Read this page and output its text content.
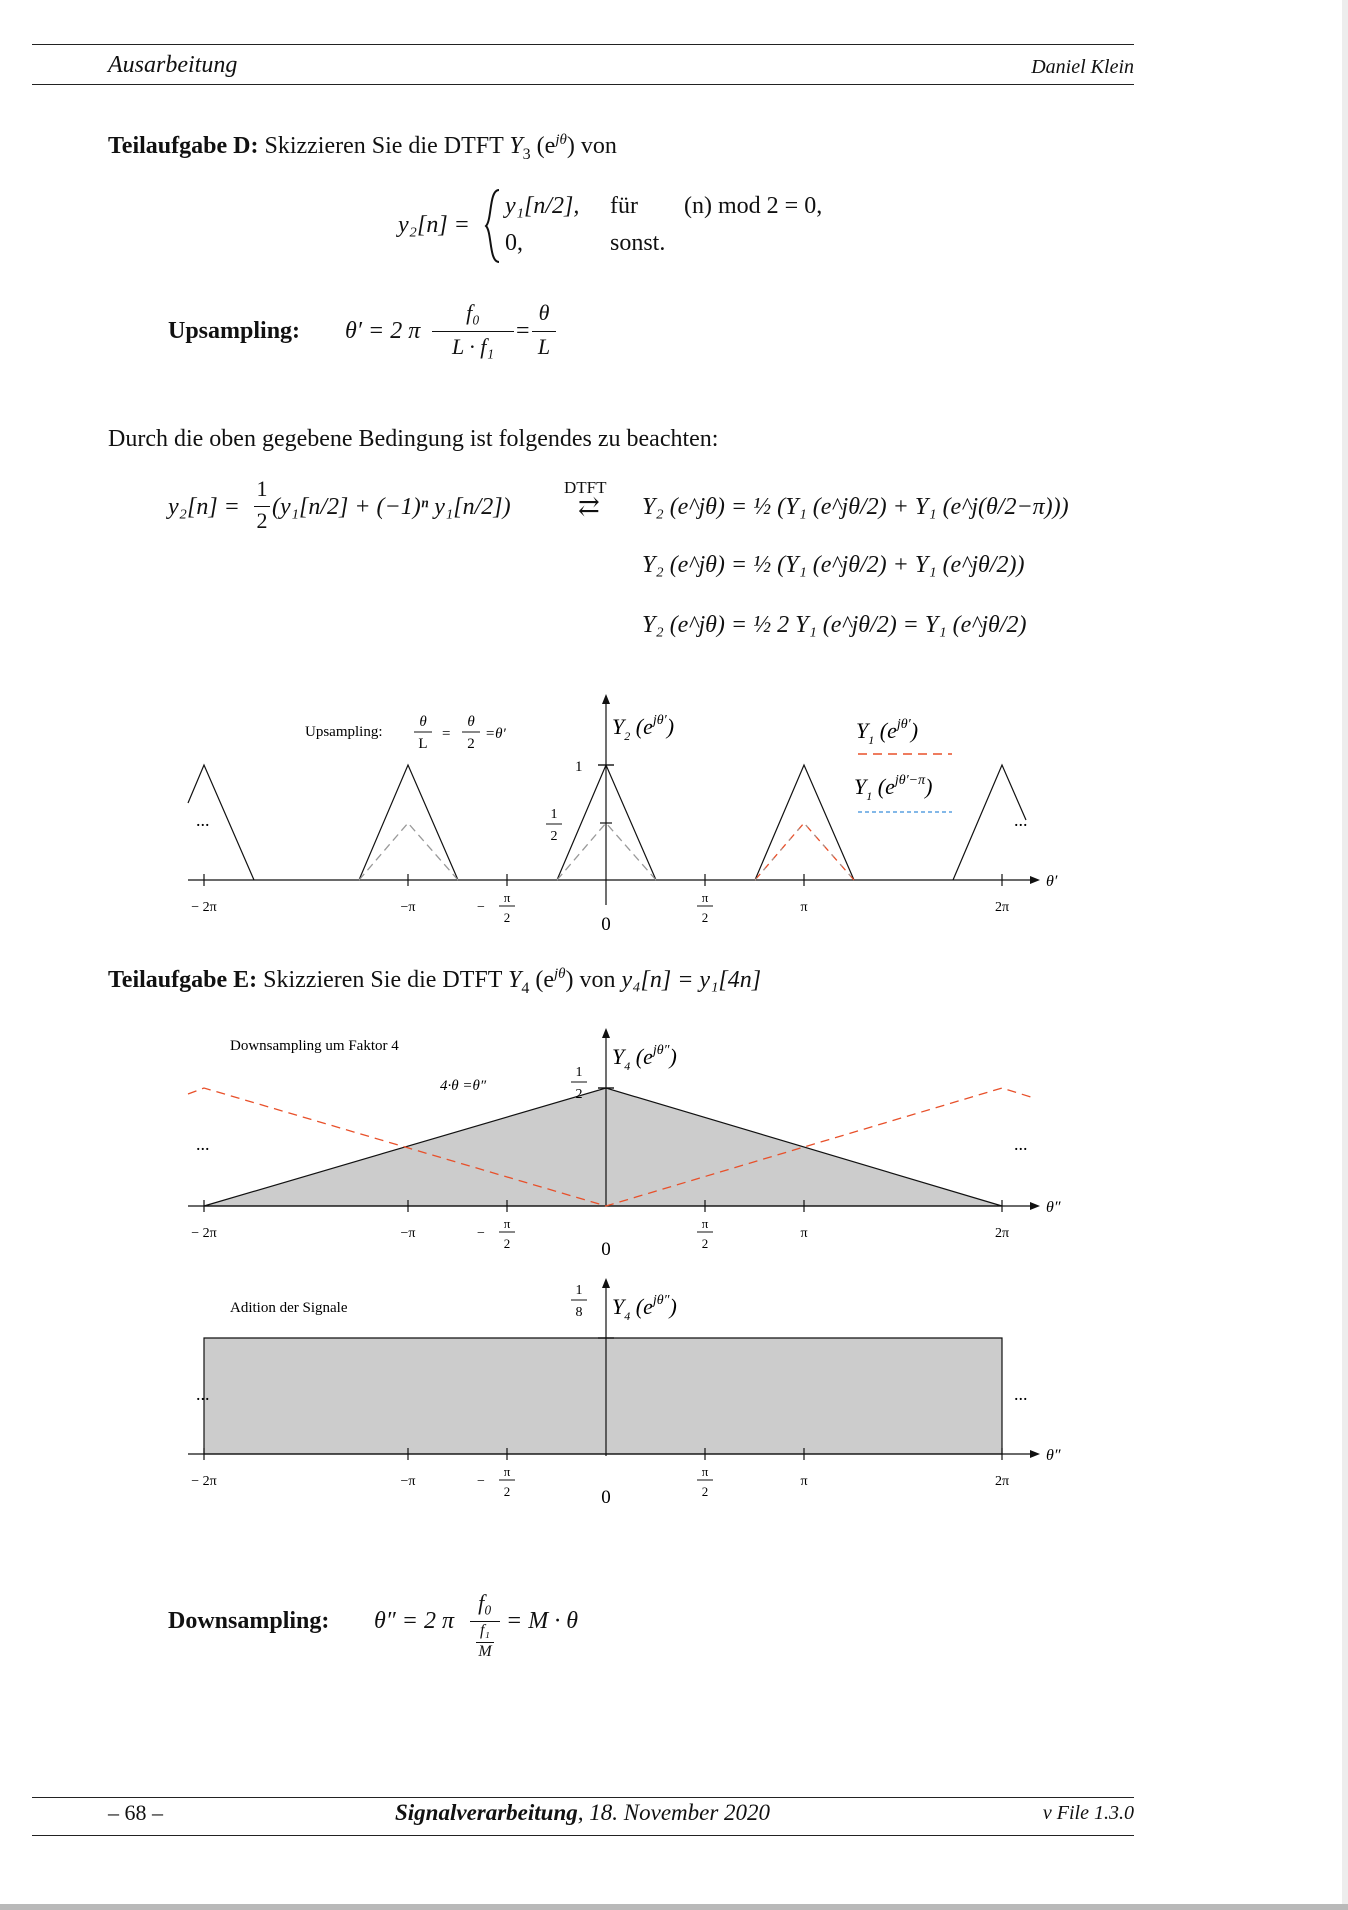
Ausarbeitung	Daniel Klein
Teilaufgabe D: Skizzieren Sie die DTFT $Y_3$ $(e^{j\theta})$ von
y₂[n] =
y₁[n/2], für (n) mod 2 = 0,
0,	sonst.
Upsampling: θ′ = 2 π
f₀
L · f₁
=
θ
L
Durch die oben gegebene Bedingung ist folgendes zu beachten:
y₂[n] =
1
2
(y₁[n/2] + (−1)ⁿ y₁[n/2])
DTFT
⇄ Y₂ (e^jθ) = ½ (Y₁ (e^jθ/2) + Y₁ (e^j(θ/2−π)))
Y₂ (e^jθ) = ½ (Y₁ (e^jθ/2) + Y₁ (e^jθ/2))
Y₂ (e^jθ) = ½ 2 Y₁ (e^jθ/2) = Y₁ (e^jθ/2)
1
1
2
− 2π	−π	−
π
2	0
π
2
π	2π
θ′
...	...
Upsampling:
θ
L
=
θ
2
=θ′	$Y_2$ $(e^{j\theta'})$	$Y_1$ $(e^{j\theta'})$
$Y_1$ $(e^{j\theta'-\pi})$
Teilaufgabe E: Skizzieren Sie die DTFT $Y_4$ $(e^{j\theta})$ von y₄[n] = y₁[4n]
1
2
− 2π	−π	−
π
2	0
π
2
π	2π
θ″
...	...
Downsampling um Faktor 4
4·θ =θ″
$Y_4$ $(e^{j\theta''})$
1
8
− 2π	−π	−
π
2	0
π
2
π	2π
θ″
...	...
Adition der Signale	$Y_4$ $(e^{j\theta''})$
Downsampling: θ″ = 2 π
f₀
f₁
M
= M · θ
– 68 –	Signalverarbeitung, 18. November 2020	v File 1.3.0
